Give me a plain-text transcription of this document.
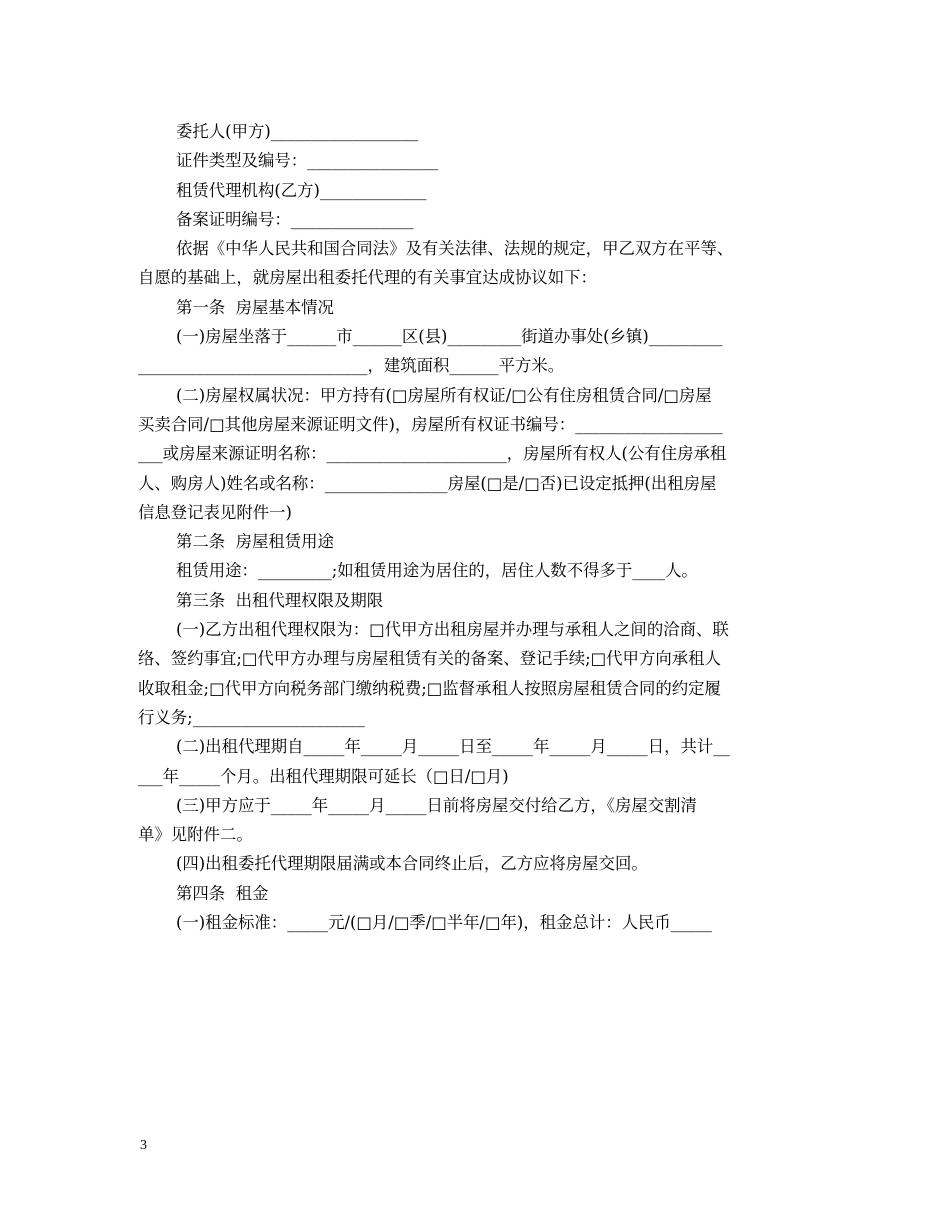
委托人(甲方)__________________
证件类型及编号：________________
租赁代理机构(乙方)_____________
备案证明编号：_______________
依据《中华人民共和国合同法》及有关法律、法规的规定，甲乙双方在平等、
自愿的基础上，就房屋出租委托代理的有关事宜达成协议如下：
第一条  房屋基本情况
(一)房屋坐落于______市______区(县)_________街道办事处(乡镇)_________
____________________________，建筑面积______平方米。
(二)房屋权属状况：甲方持有(□房屋所有权证/□公有住房租赁合同/□房屋
买卖合同/□其他房屋来源证明文件)，房屋所有权证书编号：__________________
___或房屋来源证明名称：______________________，房屋所有权人(公有住房承租
人、购房人)姓名或名称：_______________房屋(□是/□否)已设定抵押(出租房屋
信息登记表见附件一)
第二条  房屋租赁用途
租赁用途：_________;如租赁用途为居住的，居住人数不得多于____人。
第三条  出租代理权限及期限
(一)乙方出租代理权限为：□代甲方出租房屋并办理与承租人之间的洽商、联
络、签约事宜;□代甲方办理与房屋租赁有关的备案、登记手续;□代甲方向承租人
收取租金;□代甲方向税务部门缴纳税费;□监督承租人按照房屋租赁合同的约定履
行义务;_____________________
(二)出租代理期自_____年_____月_____日至_____年_____月_____日，共计__
___年_____个月。出租代理期限可延长（□日/□月)
(三)甲方应于_____年_____月_____日前将房屋交付给乙方，《房屋交割清
单》见附件二。
(四)出租委托代理期限届满或本合同终止后，乙方应将房屋交回。
第四条  租金
(一)租金标准：_____元/(□月/□季/□半年/□年)，租金总计：人民币_____
3
